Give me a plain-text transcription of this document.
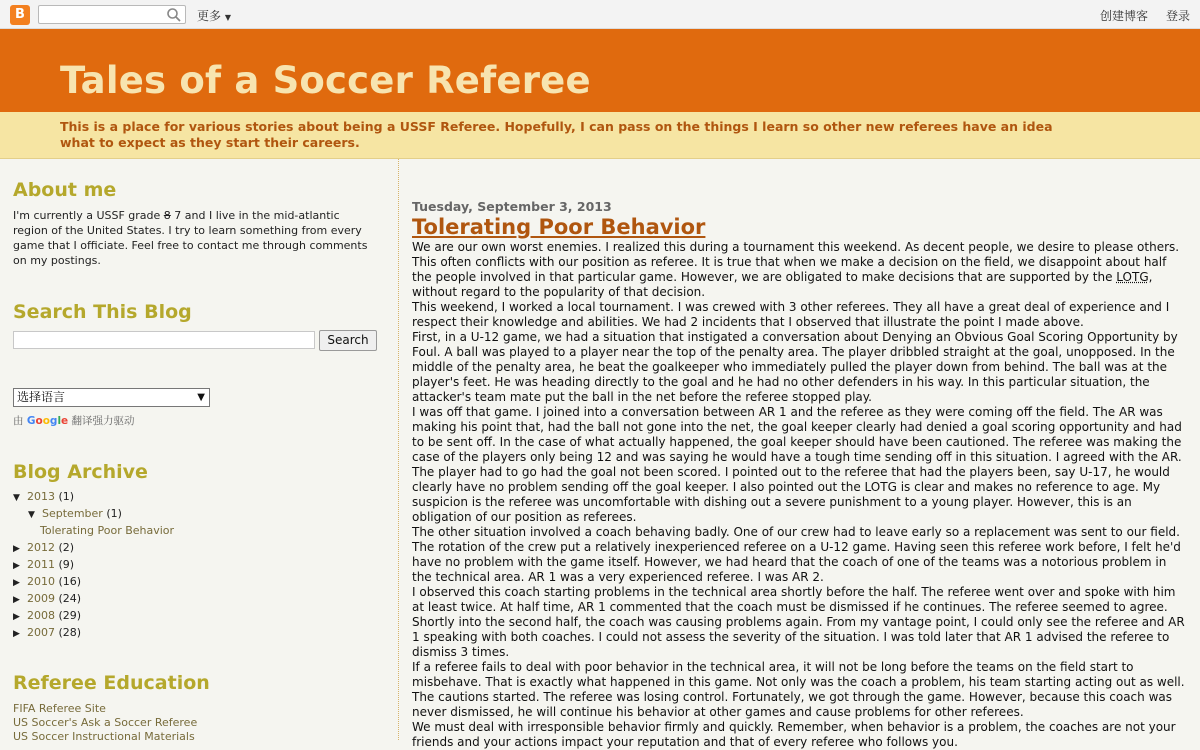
B	更多 ▼	创建博客 登录
Tales of a Soccer Referee
This is a place for various stories about being a USSF Referee. Hopefully, I can pass on the things I learn so other new referees have an idea what to expect as they start their careers.
About me
I'm currently a USSF grade 8 7 and I live in the mid-atlantic region of the United States. I try to learn something from every game that I officiate. Feel free to contact me through comments on my postings.
Search This Blog
Search
选择语言	▼
由 Google 翻译强力驱动
Blog Archive
▼ 2013 (1)
▼ September (1)
Tolerating Poor Behavior
▶ 2012 (2)
▶ 2011 (9)
▶ 2010 (16)
▶ 2009 (24)
▶ 2008 (29)
▶ 2007 (28)
Referee Education
FIFA Referee Site
US Soccer's Ask a Soccer Referee
US Soccer Instructional Materials
Tuesday, September 3, 2013
Tolerating Poor Behavior

We are our own worst enemies. I realized this during a tournament this weekend. As decent people, we desire to please others. This often conflicts with our position as referee. It is true that when we make a decision on the field, we disappoint about half the people involved in that particular game. However, we are obligated to make decisions that are supported by the LOTG, without regard to the popularity of that decision.

This weekend, I worked a local tournament. I was crewed with 3 other referees. They all have a great deal of experience and I respect their knowledge and abilities. We had 2 incidents that I observed that illustrate the point I made above.

First, in a U-12 game, we had a situation that instigated a conversation about Denying an Obvious Goal Scoring Opportunity by Foul. A ball was played to a player near the top of the penalty area. The player dribbled straight at the goal, unopposed. In the middle of the penalty area, he beat the goalkeeper who immediately pulled the player down from behind. The ball was at the player's feet. He was heading directly to the goal and he had no other defenders in his way. In this particular situation, the attacker's team mate put the ball in the net before the referee stopped play.

I was off that game. I joined into a conversation between AR 1 and the referee as they were coming off the field. The AR was making his point that, had the ball not gone into the net, the goal keeper clearly had denied a goal scoring opportunity and had to be sent off. In the case of what actually happened, the goal keeper should have been cautioned. The referee was making the case of the players only being 12 and was saying he would have a tough time sending off in this situation. I agreed with the AR. The player had to go had the goal not been scored. I pointed out to the referee that had the players been, say U-17, he would clearly have no problem sending off the goal keeper. I also pointed out the LOTG is clear and makes no reference to age. My suspicion is the referee was uncomfortable with dishing out a severe punishment to a young player. However, this is an obligation of our position as referees.

The other situation involved a coach behaving badly. One of our crew had to leave early so a replacement was sent to our field. The rotation of the crew put a relatively inexperienced referee on a U-12 game. Having seen this referee work before, I felt he'd have no problem with the game itself. However, we had heard that the coach of one of the teams was a notorious problem in the technical area. AR 1 was a very experienced referee. I was AR 2.

I observed this coach starting problems in the technical area shortly before the half. The referee went over and spoke with him at least twice. At half time, AR 1 commented that the coach must be dismissed if he continues. The referee seemed to agree. Shortly into the second half, the coach was causing problems again. From my vantage point, I could only see the referee and AR 1 speaking with both coaches. I could not assess the severity of the situation. I was told later that AR 1 advised the referee to dismiss 3 times.

If a referee fails to deal with poor behavior in the technical area, it will not be long before the teams on the field start to misbehave. That is exactly what happened in this game. Not only was the coach a problem, his team starting acting out as well. The cautions started. The referee was losing control. Fortunately, we got through the game. However, because this coach was never dismissed, he will continue his behavior at other games and cause problems for other referees.

We must deal with irresponsible behavior firmly and quickly. Remember, when behavior is a problem, the coaches are not your friends and your actions impact your reputation and that of every referee who follows you.
